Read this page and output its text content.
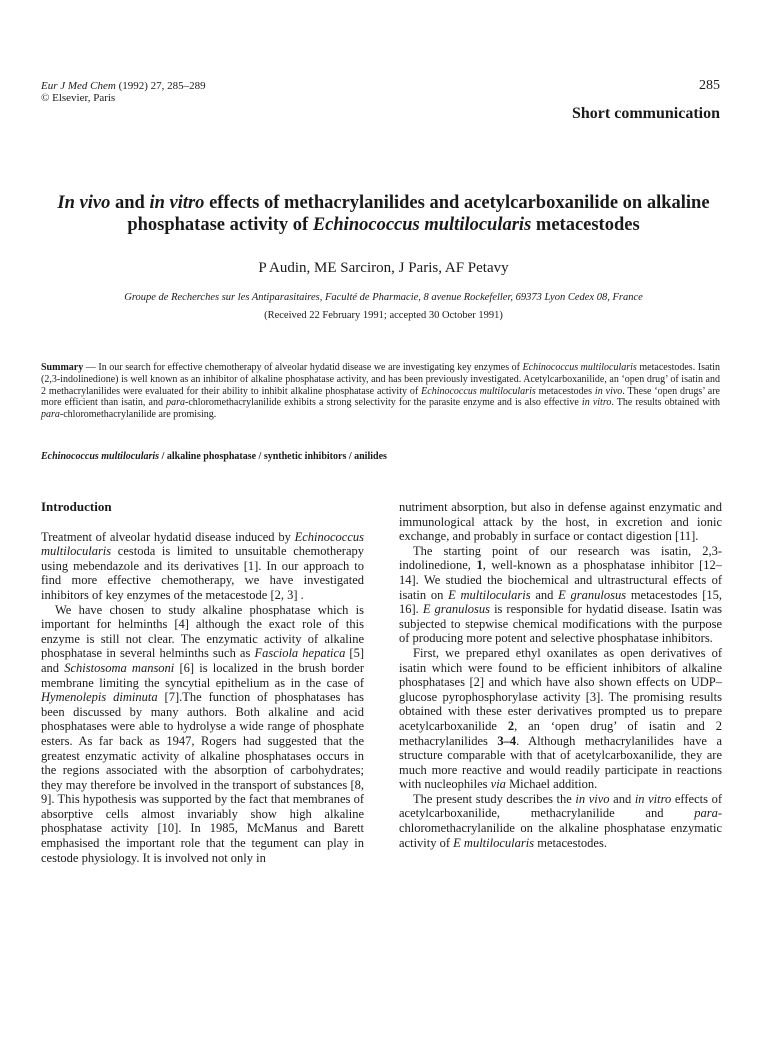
Eur J Med Chem (1992) 27, 285–289
© Elsevier, Paris
285
Short communication
In vivo and in vitro effects of methacrylanilides and acetylcarboxanilide on alkaline phosphatase activity of Echinococcus multilocularis metacestodes
P Audin, ME Sarciron, J Paris, AF Petavy
Groupe de Recherches sur les Antiparasitaires, Faculté de Pharmacie, 8 avenue Rockefeller, 69373 Lyon Cedex 08, France
(Received 22 February 1991; accepted 30 October 1991)
Summary — In our search for effective chemotherapy of alveolar hydatid disease we are investigating key enzymes of Echinococcus multilocularis metacestodes. Isatin (2,3-indolinedione) is well known as an inhibitor of alkaline phosphatase activity, and has been previously investigated. Acetylcarboxanilide, an ‘open drug’ of isatin and 2 methacrylanilides were evaluated for their ability to inhibit alkaline phosphatase activity of Echinococcus multilocularis metacestodes in vivo. These ‘open drugs’ are more efficient than isatin, and para-chloromethacrylanilide exhibits a strong selectivity for the parasite enzyme and is also effective in vitro. The results obtained with para-chloromethacrylanilide are promising.
Echinococcus multilocularis / alkaline phosphatase / synthetic inhibitors / anilides
Introduction

Treatment of alveolar hydatid disease induced by Echinococcus multilocularis cestoda is limited to unsuitable chemotherapy using mebendazole and its derivatives [1]. In our approach to find more effective chemotherapy, we have investigated inhibitors of key enzymes of the metacestode [2, 3] .

We have chosen to study alkaline phosphatase which is important for helminths [4] although the exact role of this enzyme is still not clear. The enzymatic activity of alkaline phosphatase in several helminths such as Fasciola hepatica [5] and Schistosoma mansoni [6] is localized in the brush border membrane limiting the syncytial epithelium as in the case of Hymenolepis diminuta [7].The function of phosphatases has been discussed by many authors. Both alkaline and acid phosphatases were able to hydrolyse a wide range of phosphate esters. As far back as 1947, Rogers had suggested that the greatest enzymatic activity of alkaline phosphatases occurs in the regions associated with the absorption of carbohydrates; they may therefore be involved in the transport of substances [8, 9]. This hypothesis was supported by the fact that membranes of absorptive cells almost invariably show high alkaline phosphatase activity [10]. In 1985, McManus and Barett emphasised the important role that the tegument can play in cestode physiology. It is involved not only in

nutriment absorption, but also in defense against enzymatic and immunological attack by the host, in excretion and ionic exchange, and probably in surface or contact digestion [11].

The starting point of our research was isatin, 2,3-indolinedione, 1, well-known as a phosphatase inhibitor [12–14]. We studied the biochemical and ultrastructural effects of isatin on E multilocularis and E granulosus metacestodes [15, 16]. E granulosus is responsible for hydatid disease. Isatin was subjected to stepwise chemical modifications with the purpose of producing more potent and selective phosphatase inhibitors.

First, we prepared ethyl oxanilates as open derivatives of isatin which were found to be efficient inhibitors of alkaline phosphatases [2] and which have also shown effects on UDP–glucose pyrophosphorylase activity [3]. The promising results obtained with these ester derivatives prompted us to prepare acetylcarboxanilide 2, an ‘open drug’ of isatin and 2 methacrylanilides 3–4. Although methacrylanilides have a structure comparable with that of acetylcarboxanilide, they are much more reactive and would readily participate in reactions with nucleophiles via Michael addition.

The present study describes the in vivo and in vitro effects of acetylcarboxanilide, methacrylanilide and para-chloromethacrylanilide on the alkaline phosphatase enzymatic activity of E multilocularis metacestodes.
